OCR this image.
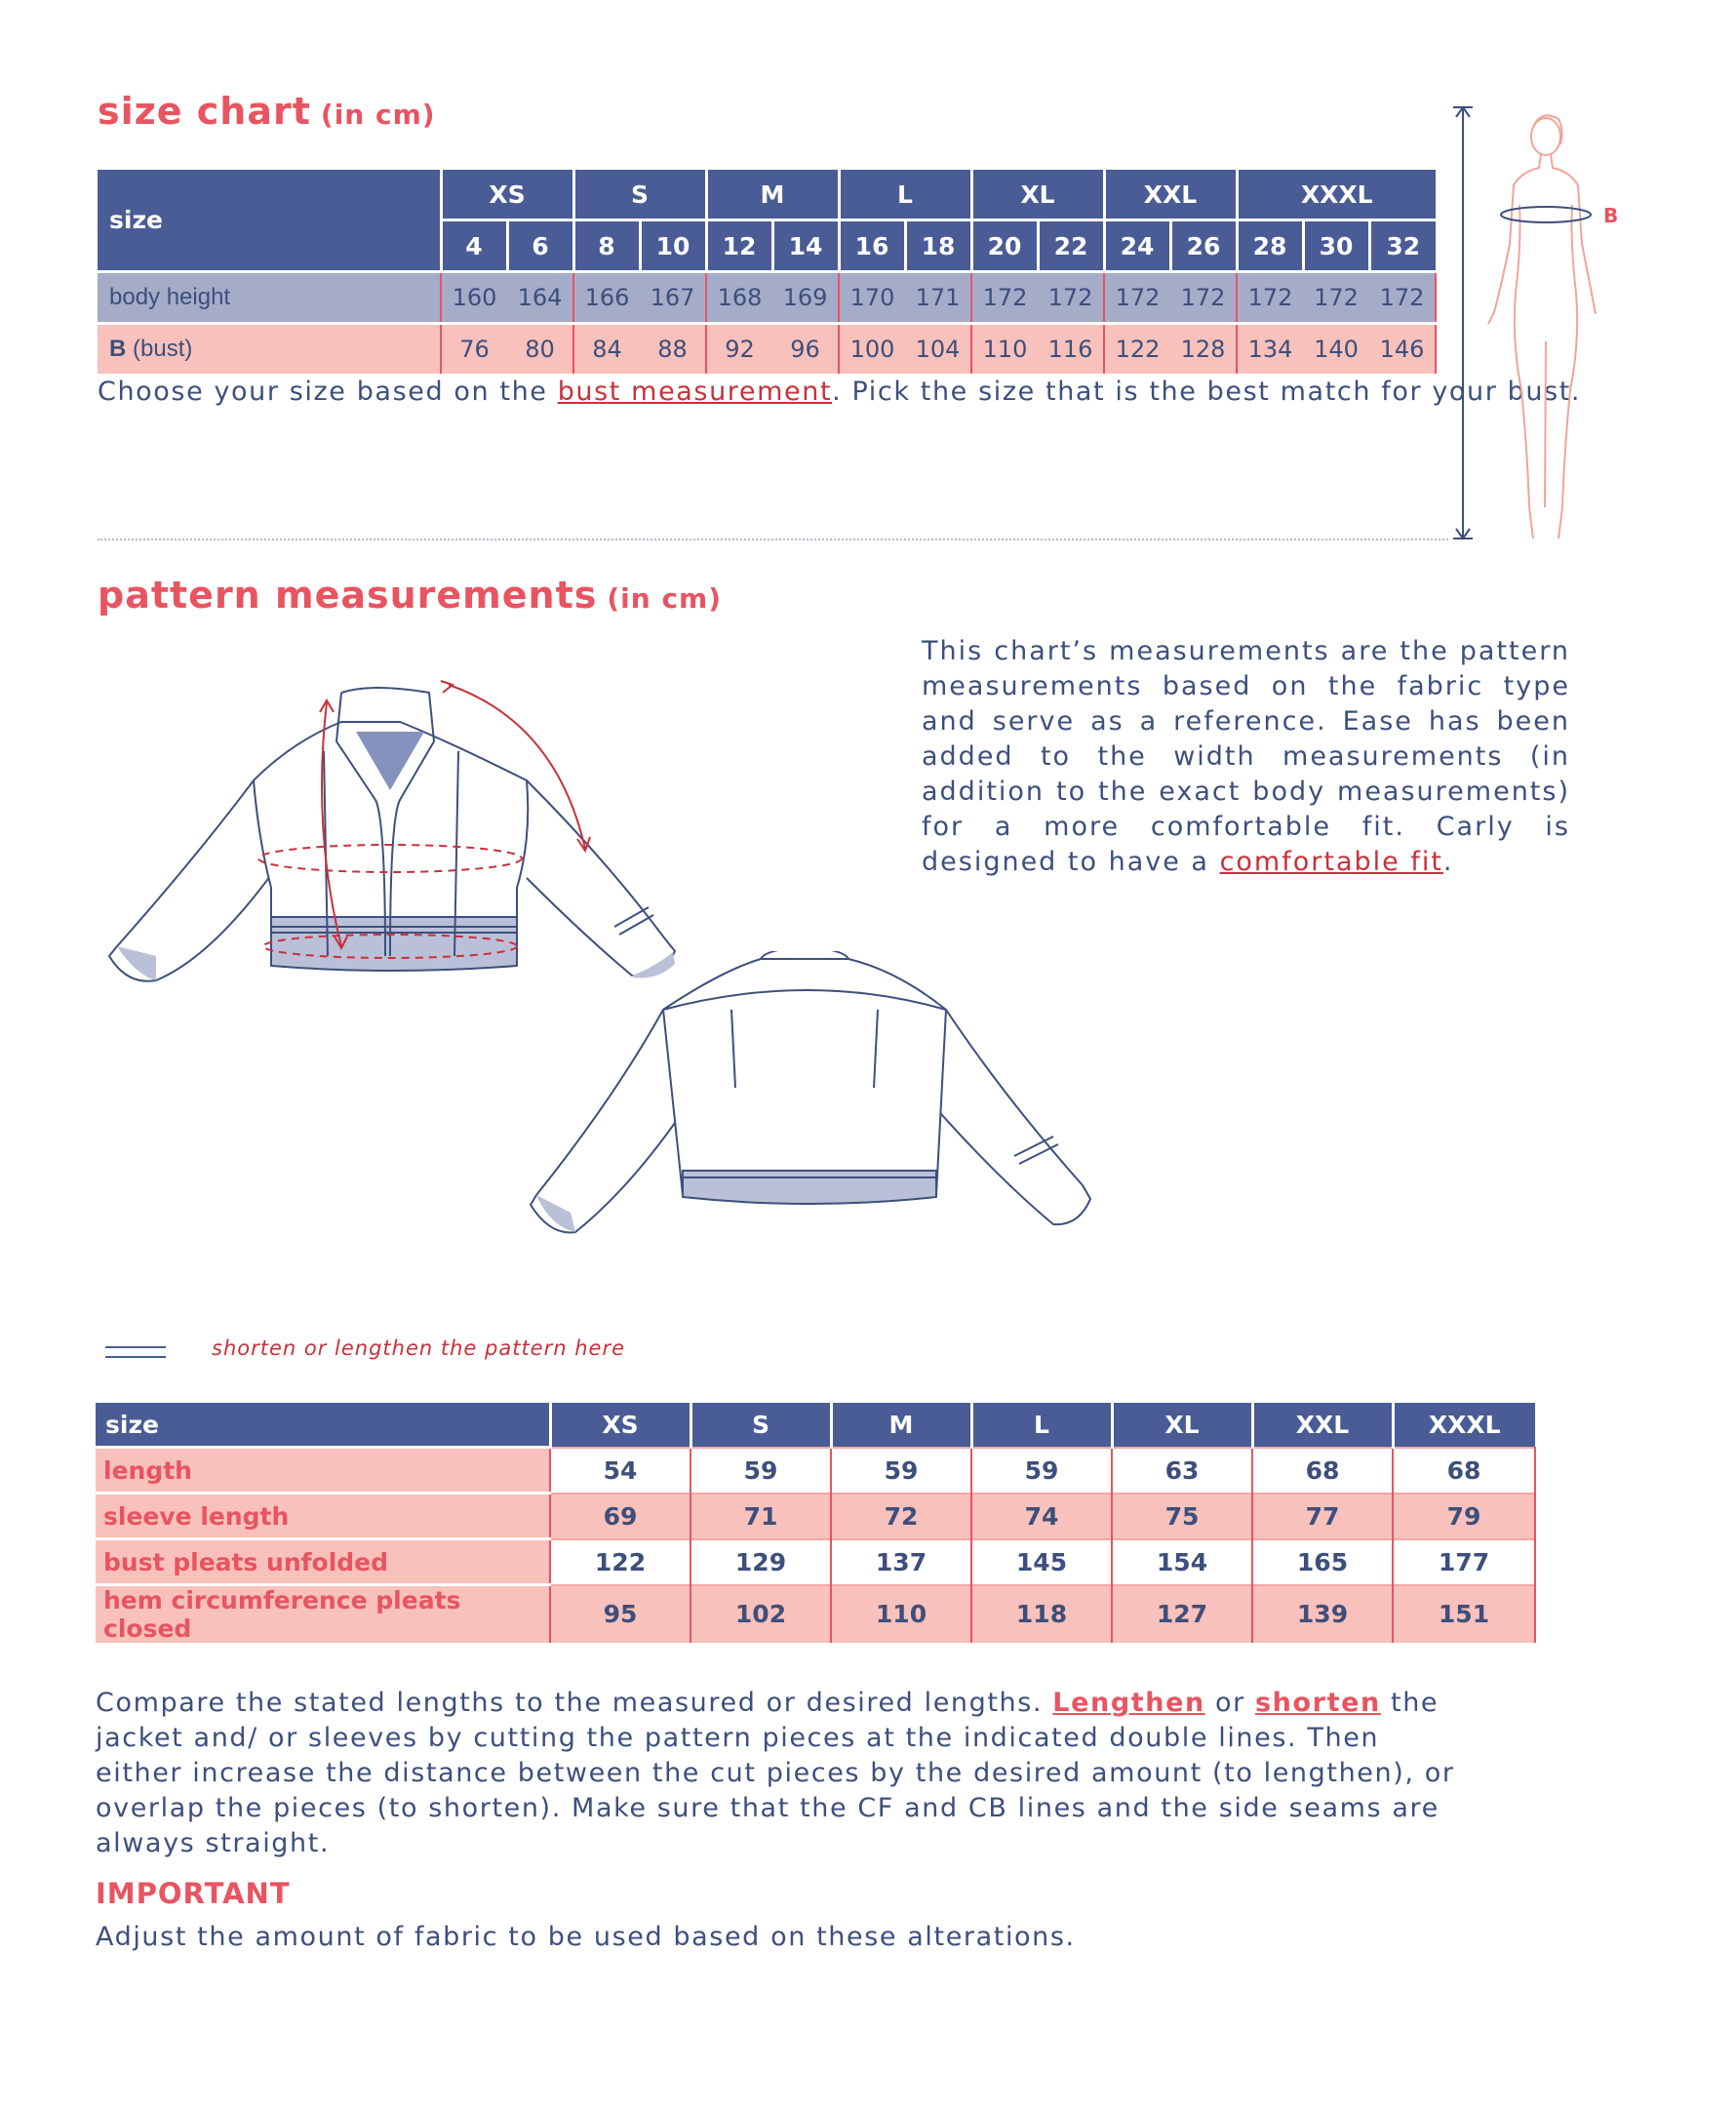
size chart (in cm)
size	XS		S		M		L		XL		XXL		XXXL		
	4	6	8	10	12	14	16	18	20	22	24	26	28	30	32
body height	160	164	166	167	168	169	170	171	172	172	172	172	172	172	172
B (bust)	76	80	84	88	92	96	100	104	110	116	122	128	134	140	146

Choose your size based on the bust measurement. Pick the size that is the best match for your bust.

B
pattern measurements (in cm)

This chart’s measurements are the pattern measurements based on the fabric type and serve as a reference. Ease has been added to the width measurements (in addition to the exact body measurements) for a more comfortable fit. Carly is designed to have a comfortable fit.

shorten or lengthen the pattern here
size	XS	S	M	L	XL	XXL	XXXL
length	54	59	59	59	63	68	68
sleeve length	69	71	72	74	75	77	79
bust pleats unfolded	122	129	137	145	154	165	177
hem circumference pleats closed	95	102	110	118	127	139	151

Compare the stated lengths to the measured or desired lengths. Lengthen or shorten the jacket and/ or sleeves by cutting the pattern pieces at the indicated double lines. Then either increase the distance between the cut pieces by the desired amount (to lengthen), or overlap the pieces (to shorten). Make sure that the CF and CB lines and the side seams are always straight.

IMPORTANT

Adjust the amount of fabric to be used based on these alterations.
